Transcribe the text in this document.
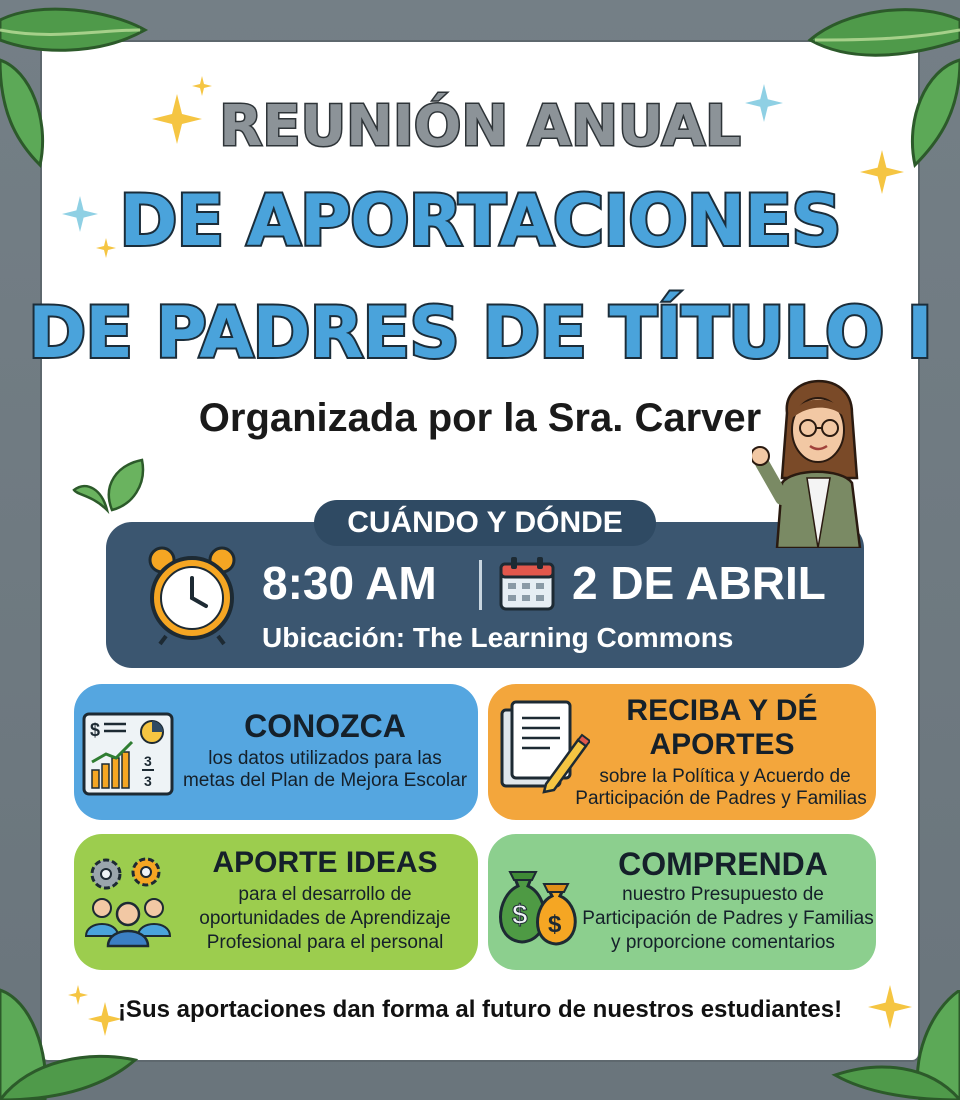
REUNIÓN ANUAL
DE APORTACIONES
DE PADRES DE TÍTULO I
Organizada por la Sra. Carver
CUÁNDO Y DÓNDE
8:30 AM	2 DE ABRIL
Ubicación: The Learning Commons
$
3
3
CONOZCA
los datos utilizados para las
metas del Plan de Mejora Escolar
RECIBA Y DÉ
APORTES
sobre la Política y Acuerdo de
Participación de Padres y Familias
APORTE IDEAS
para el desarrollo de
oportunidades de Aprendizaje
Profesional para el personal
$ $
COMPRENDA
nuestro Presupuesto de
Participación de Padres y Familias
y proporcione comentarios
¡Sus aportaciones dan forma al futuro de nuestros estudiantes!
